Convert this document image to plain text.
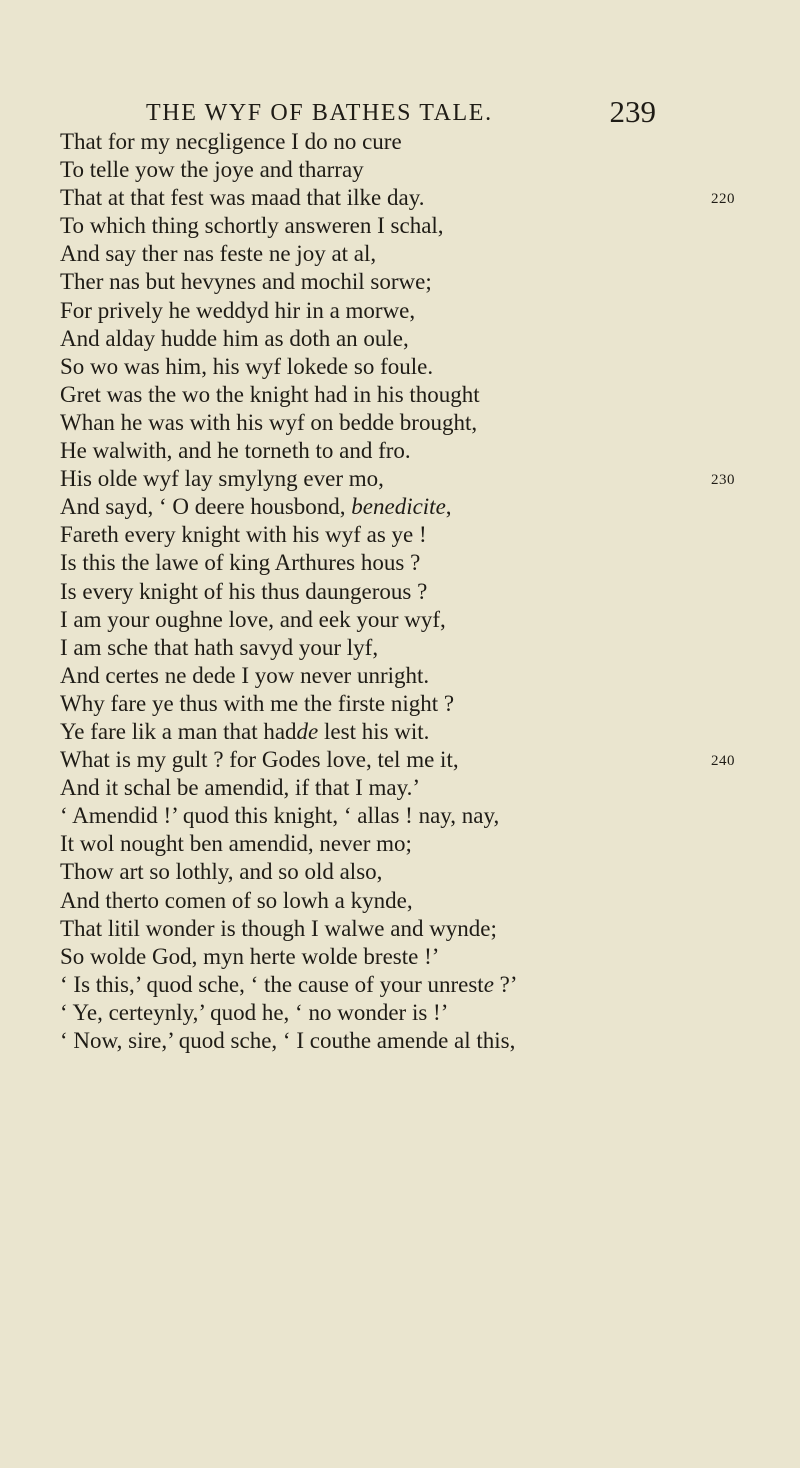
THE WYF OF BATHES TALE.	239
That for my necgligence I do no cure
To telle yow the joye and tharray
That at that fest was maad that ilke day.	220
To which thing schortly answeren I schal,
And say ther nas feste ne joy at al,
Ther nas but hevynes and mochil sorwe;
For prively he weddyd hir in a morwe,
And alday hudde him as doth an oule,
So wo was him, his wyf lokede so foule.
Gret was the wo the knight had in his thought
Whan he was with his wyf on bedde brought,
He walwith, and he torneth to and fro.
His olde wyf lay smylyng ever mo,	230
And sayd, ‘ O deere housbond, benedicite,
Fareth every knight with his wyf as ye !
Is this the lawe of king Arthures hous ?
Is every knight of his thus daungerous ?
I am your oughne love, and eek your wyf,
I am sche that hath savyd your lyf,
And certes ne dede I yow never unright.
Why fare ye thus with me the firste night ?
Ye fare lik a man that hadde lest his wit.
What is my gult ? for Godes love, tel me it,	240
And it schal be amendid, if that I may.’
‘ Amendid !’ quod this knight, ‘ allas ! nay, nay,
It wol nought ben amendid, never mo;
Thow art so lothly, and so old also,
And therto comen of so lowh a kynde,
That litil wonder is though I walwe and wynde;
So wolde God, myn herte wolde breste !’
‘ Is this,’ quod sche, ‘ the cause of your unreste ?’
‘ Ye, certeynly,’ quod he, ‘ no wonder is !’
‘ Now, sire,’ quod sche, ‘ I couthe amende al this,
